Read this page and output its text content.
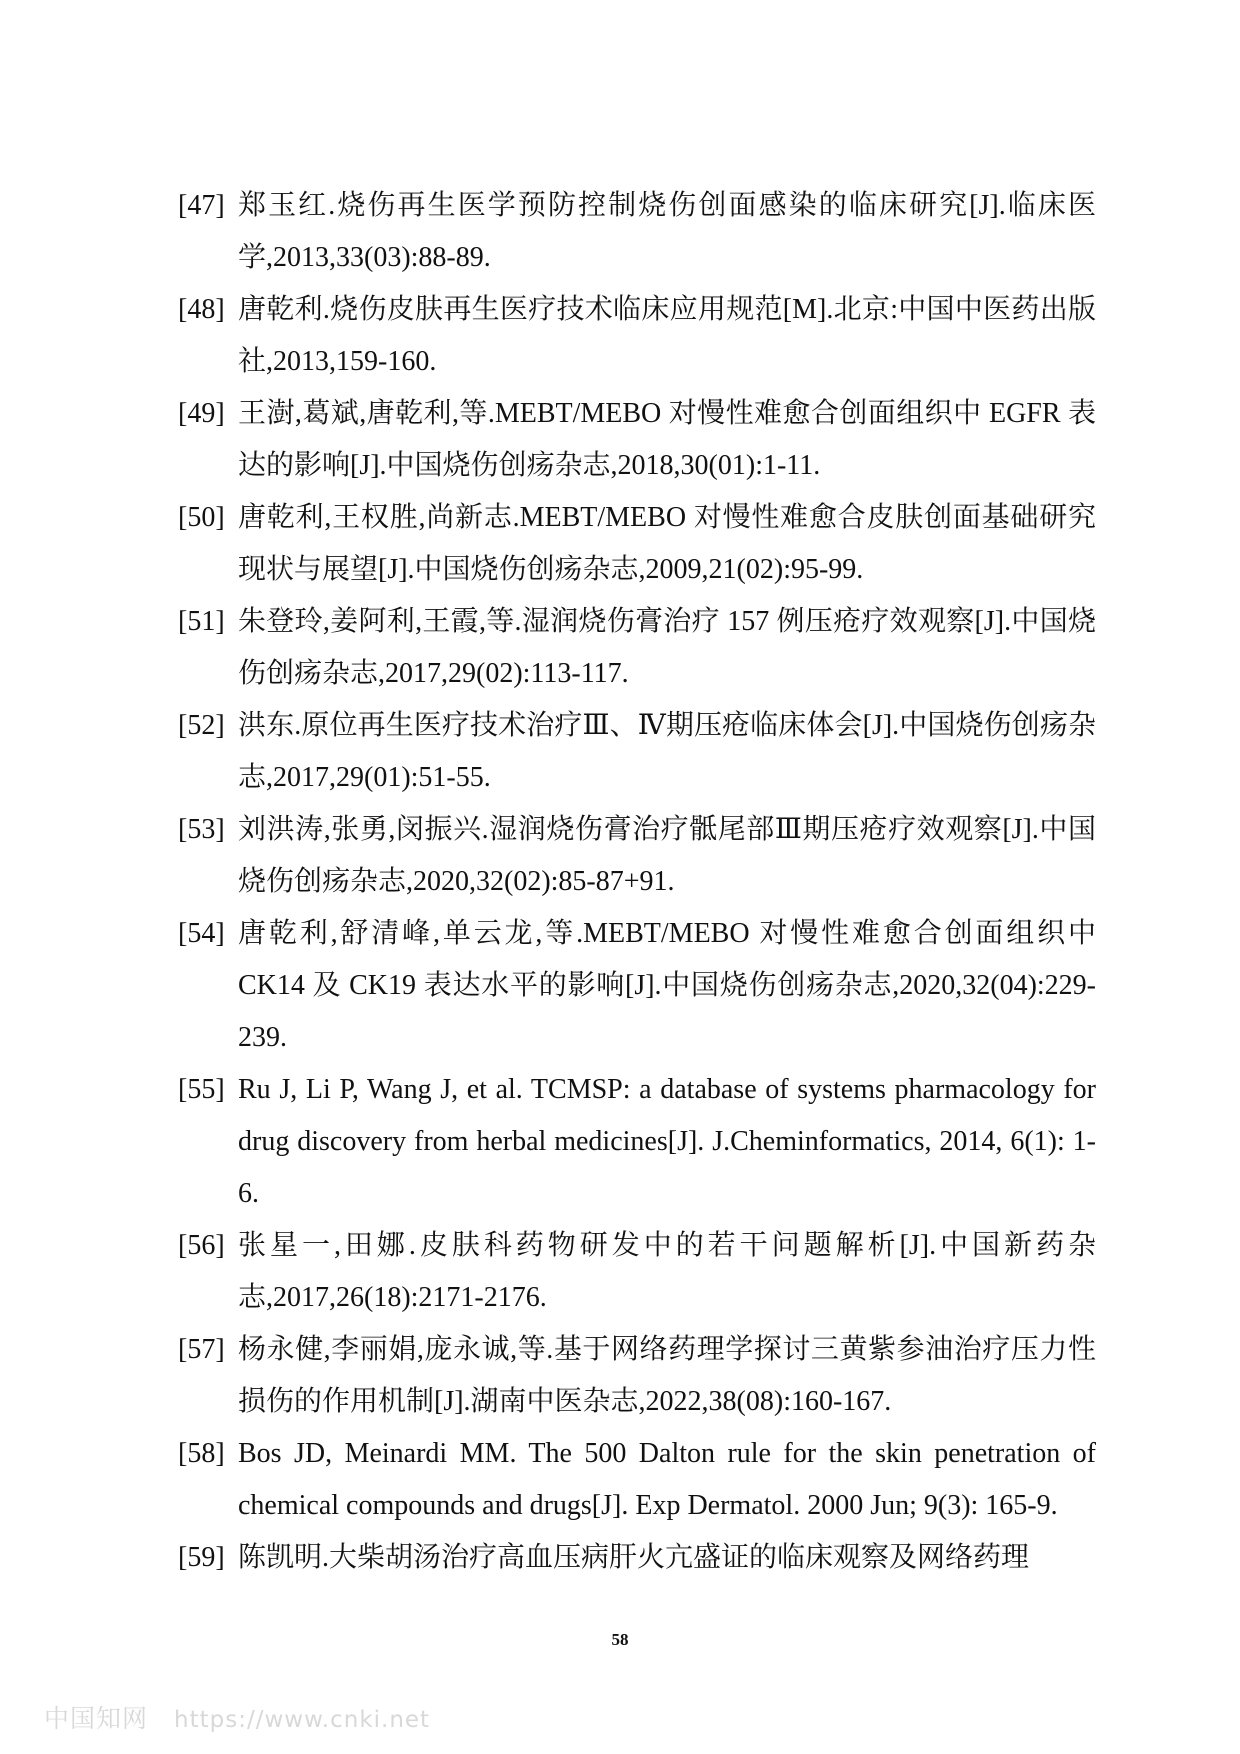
[47] 郑玉红.烧伤再生医学预防控制烧伤创面感染的临床研究[J].临床医学,2013,33(03):88-89.

[48] 唐乾利.烧伤皮肤再生医疗技术临床应用规范[M].北京:中国中医药出版社,2013,159-160.

[49] 王澍,葛斌,唐乾利,等.MEBT/MEBO 对慢性难愈合创面组织中 EGFR 表达的影响[J].中国烧伤创疡杂志,2018,30(01):1-11.

[50] 唐乾利,王权胜,尚新志.MEBT/MEBO 对慢性难愈合皮肤创面基础研究现状与展望[J].中国烧伤创疡杂志,2009,21(02):95-99.

[51] 朱登玲,姜阿利,王霞,等.湿润烧伤膏治疗 157 例压疮疗效观察[J].中国烧伤创疡杂志,2017,29(02):113-117.

[52] 洪东.原位再生医疗技术治疗Ⅲ、Ⅳ期压疮临床体会[J].中国烧伤创疡杂志,2017,29(01):51-55.

[53] 刘洪涛,张勇,闵振兴.湿润烧伤膏治疗骶尾部Ⅲ期压疮疗效观察[J].中国烧伤创疡杂志,2020,32(02):85-87+91.

[54] 唐乾利,舒清峰,单云龙,等.MEBT/MEBO 对慢性难愈合创面组织中 CK14 及 CK19 表达水平的影响[J].中国烧伤创疡杂志,2020,32(04):229-239.

[55] Ru J, Li P, Wang J, et al. TCMSP: a database of systems pharmacology for drug discovery from herbal medicines[J]. J.Cheminformatics, 2014, 6(1): 1-6.

[56] 张星一,田娜.皮肤科药物研发中的若干问题解析[J].中国新药杂志,2017,26(18):2171-2176.

[57] 杨永健,李丽娟,庞永诚,等.基于网络药理学探讨三黄紫参油治疗压力性损伤的作用机制[J].湖南中医杂志,2022,38(08):160-167.

[58] Bos JD, Meinardi MM. The 500 Dalton rule for the skin penetration of chemical compounds and drugs[J]. Exp Dermatol. 2000 Jun; 9(3): 165-9.

[59] 陈凯明.大柴胡汤治疗高血压病肝火亢盛证的临床观察及网络药理

58
中国知网 https://www.cnki.net
